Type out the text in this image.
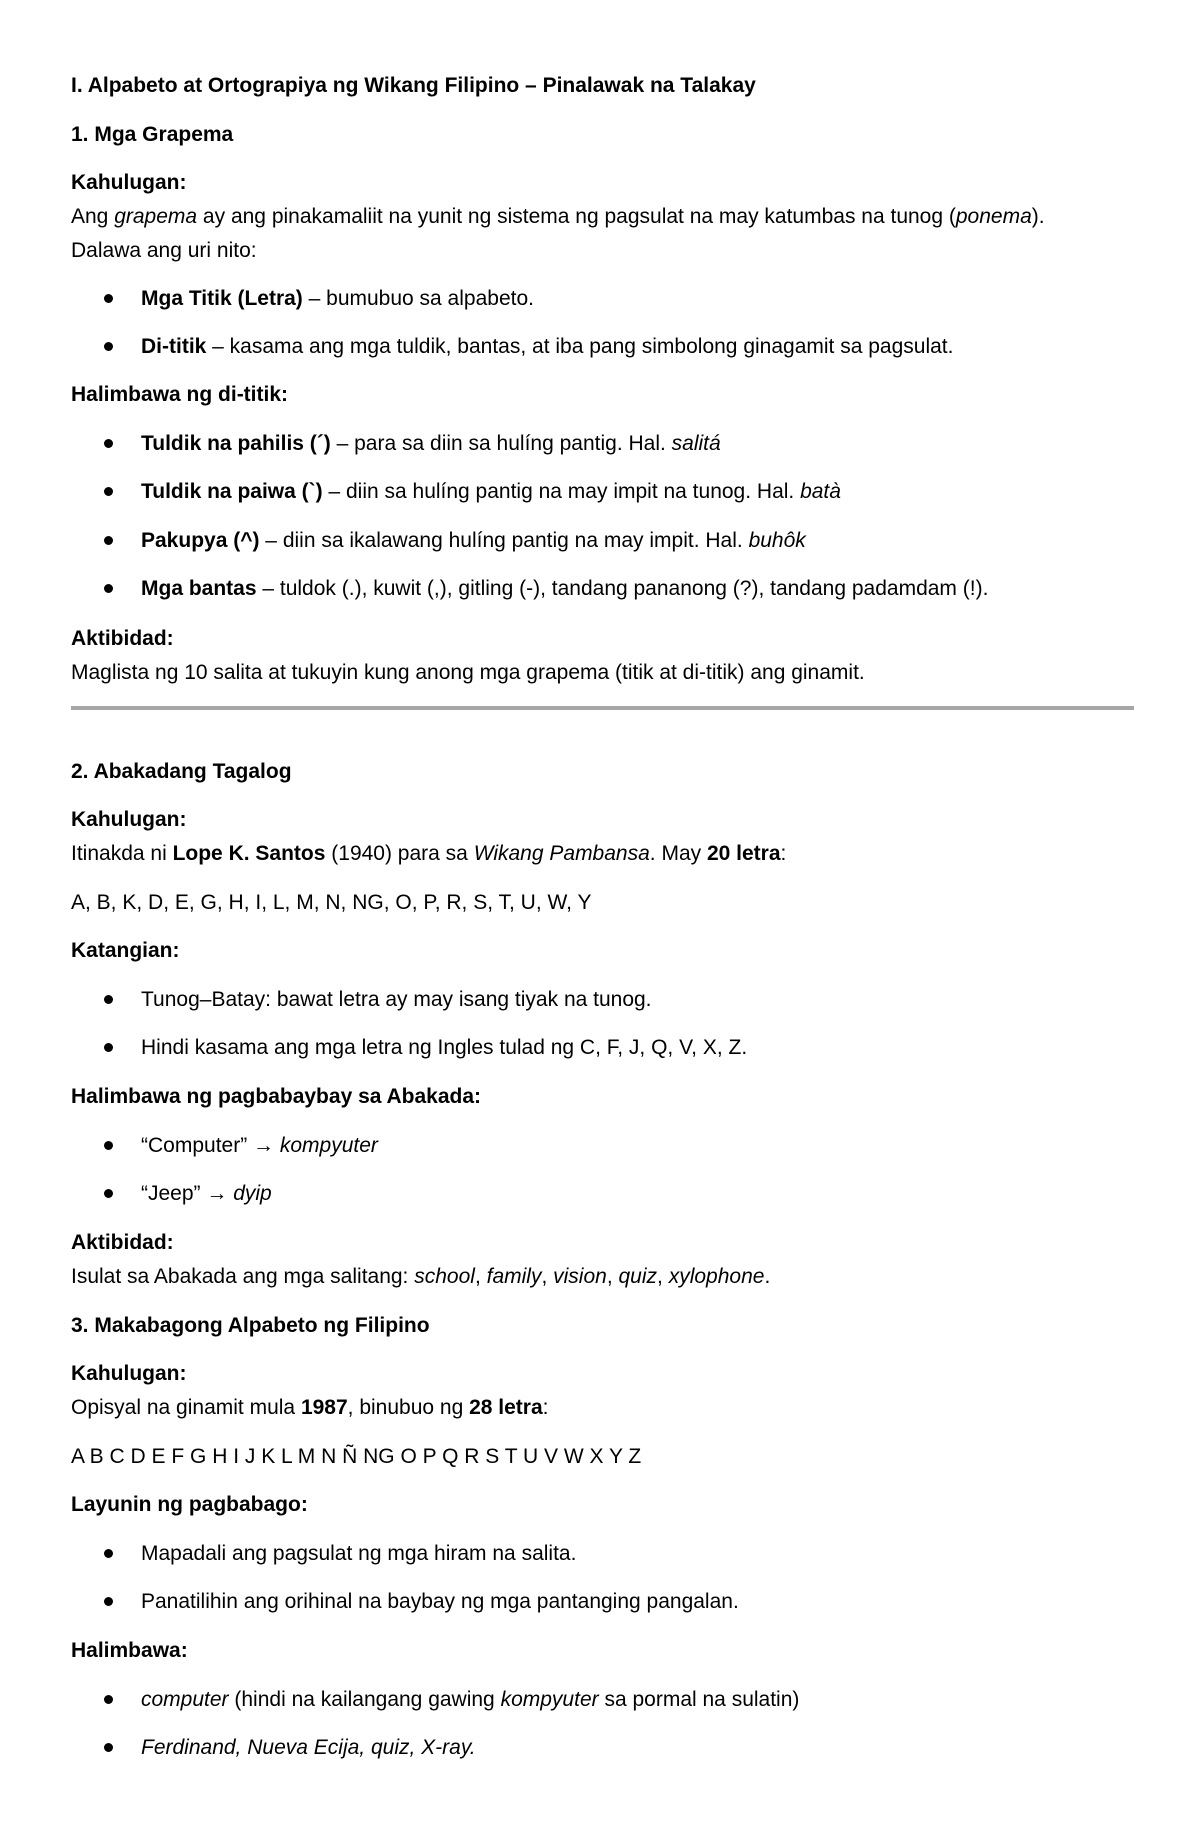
I. Alpabeto at Ortograpiya ng Wikang Filipino – Pinalawak na Talakay
1. Mga Grapema
Kahulugan:
Ang grapema ay ang pinakamaliit na yunit ng sistema ng pagsulat na may katumbas na tunog (ponema).
Dalawa ang uri nito:
Mga Titik (Letra) – bumubuo sa alpabeto.
Di-titik – kasama ang mga tuldik, bantas, at iba pang simbolong ginagamit sa pagsulat.
Halimbawa ng di-titik:
Tuldik na pahilis (´) – para sa diin sa hulíng pantig. Hal. salitá
Tuldik na paiwa (`) – diin sa hulíng pantig na may impit na tunog. Hal. batà
Pakupya (^) – diin sa ikalawang hulíng pantig na may impit. Hal. buhôk
Mga bantas – tuldok (.), kuwit (,), gitling (-), tandang pananong (?), tandang padamdam (!).
Aktibidad:
Maglista ng 10 salita at tukuyin kung anong mga grapema (titik at di-titik) ang ginamit.
2. Abakadang Tagalog
Kahulugan:
Itinakda ni Lope K. Santos (1940) para sa Wikang Pambansa. May 20 letra:
A, B, K, D, E, G, H, I, L, M, N, NG, O, P, R, S, T, U, W, Y
Katangian:
Tunog–Batay: bawat letra ay may isang tiyak na tunog.
Hindi kasama ang mga letra ng Ingles tulad ng C, F, J, Q, V, X, Z.
Halimbawa ng pagbabaybay sa Abakada:
“Computer” → kompyuter
“Jeep” → dyip
Aktibidad:
Isulat sa Abakada ang mga salitang: school, family, vision, quiz, xylophone.
3. Makabagong Alpabeto ng Filipino
Kahulugan:
Opisyal na ginamit mula 1987, binubuo ng 28 letra:
A B C D E F G H I J K L M N Ñ NG O P Q R S T U V W X Y Z
Layunin ng pagbabago:
Mapadali ang pagsulat ng mga hiram na salita.
Panatilihin ang orihinal na baybay ng mga pantanging pangalan.
Halimbawa:
computer (hindi na kailangang gawing kompyuter sa pormal na sulatin)
Ferdinand, Nueva Ecija, quiz, X-ray.
